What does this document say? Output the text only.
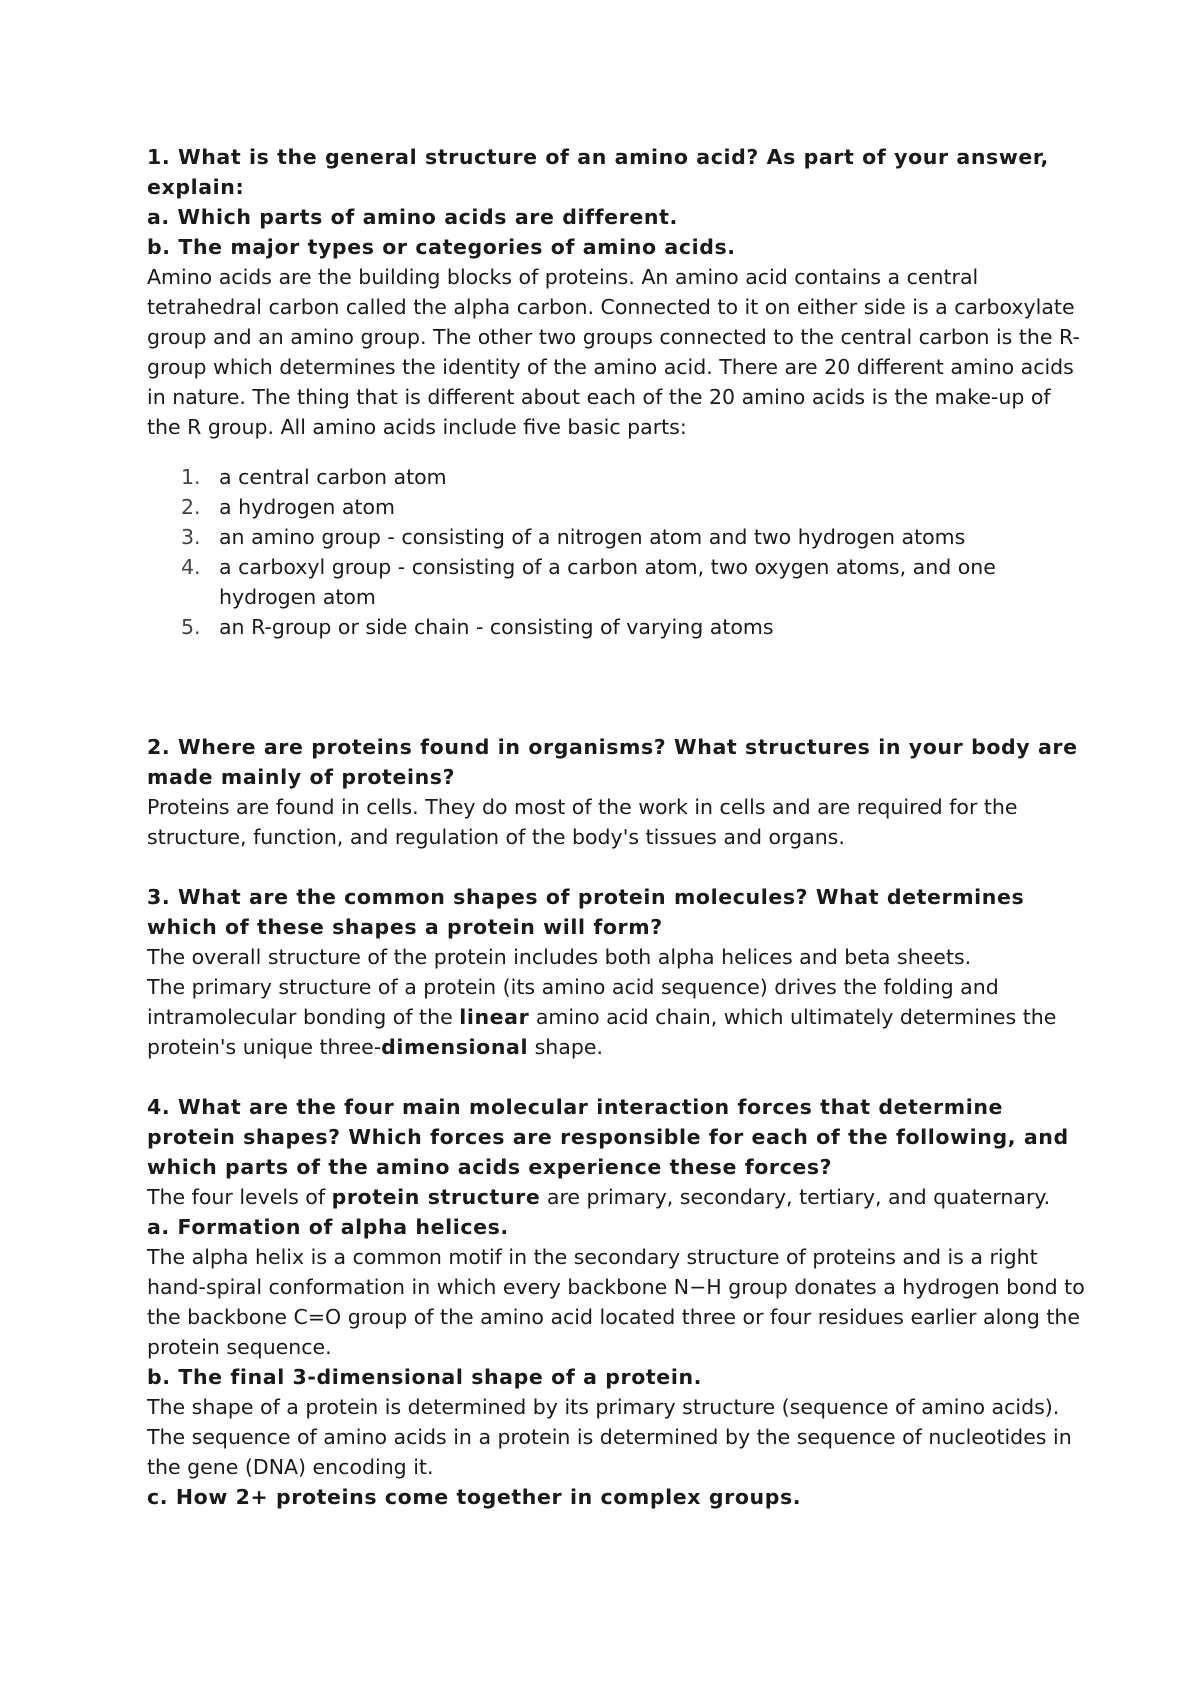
1. What is the general structure of an amino acid? As part of your answer, explain:

a. Which parts of amino acids are different.

b. The major types or categories of amino acids.

Amino acids are the building blocks of proteins. An amino acid contains a central tetrahedral carbon called the alpha carbon. Connected to it on either side is a carboxylate group and an amino group. The other two groups connected to the central carbon is the R-group which determines the identity of the amino acid. There are 20 different amino acids in nature. The thing that is different about each of the 20 amino acids is the make-up of the R group. All amino acids include five basic parts:

1. a central carbon atom
2. a hydrogen atom
3. an amino group - consisting of a nitrogen atom and two hydrogen atoms
4. a carboxyl group - consisting of a carbon atom, two oxygen atoms, and one hydrogen atom
5. an R-group or side chain - consisting of varying atoms

2. Where are proteins found in organisms? What structures in your body are made mainly of proteins?

Proteins are found in cells. They do most of the work in cells and are required for the structure, function, and regulation of the body's tissues and organs.

3. What are the common shapes of protein molecules? What determines which of these shapes a protein will form?

The overall structure of the protein includes both alpha helices and beta sheets.

The primary structure of a protein (its amino acid sequence) drives the folding and intramolecular bonding of the linear amino acid chain, which ultimately determines the protein's unique three-dimensional shape.

4. What are the four main molecular interaction forces that determine protein shapes? Which forces are responsible for each of the following, and which parts of the amino acids experience these forces?

The four levels of protein structure are primary, secondary, tertiary, and quaternary.

a. Formation of alpha helices.

The alpha helix is a common motif in the secondary structure of proteins and is a right hand-spiral conformation in which every backbone N−H group donates a hydrogen bond to the backbone C=O group of the amino acid located three or four residues earlier along the protein sequence.

b. The final 3-dimensional shape of a protein.

The shape of a protein is determined by its primary structure (sequence of amino acids). The sequence of amino acids in a protein is determined by the sequence of nucleotides in the gene (DNA) encoding it.

c. How 2+ proteins come together in complex groups.
